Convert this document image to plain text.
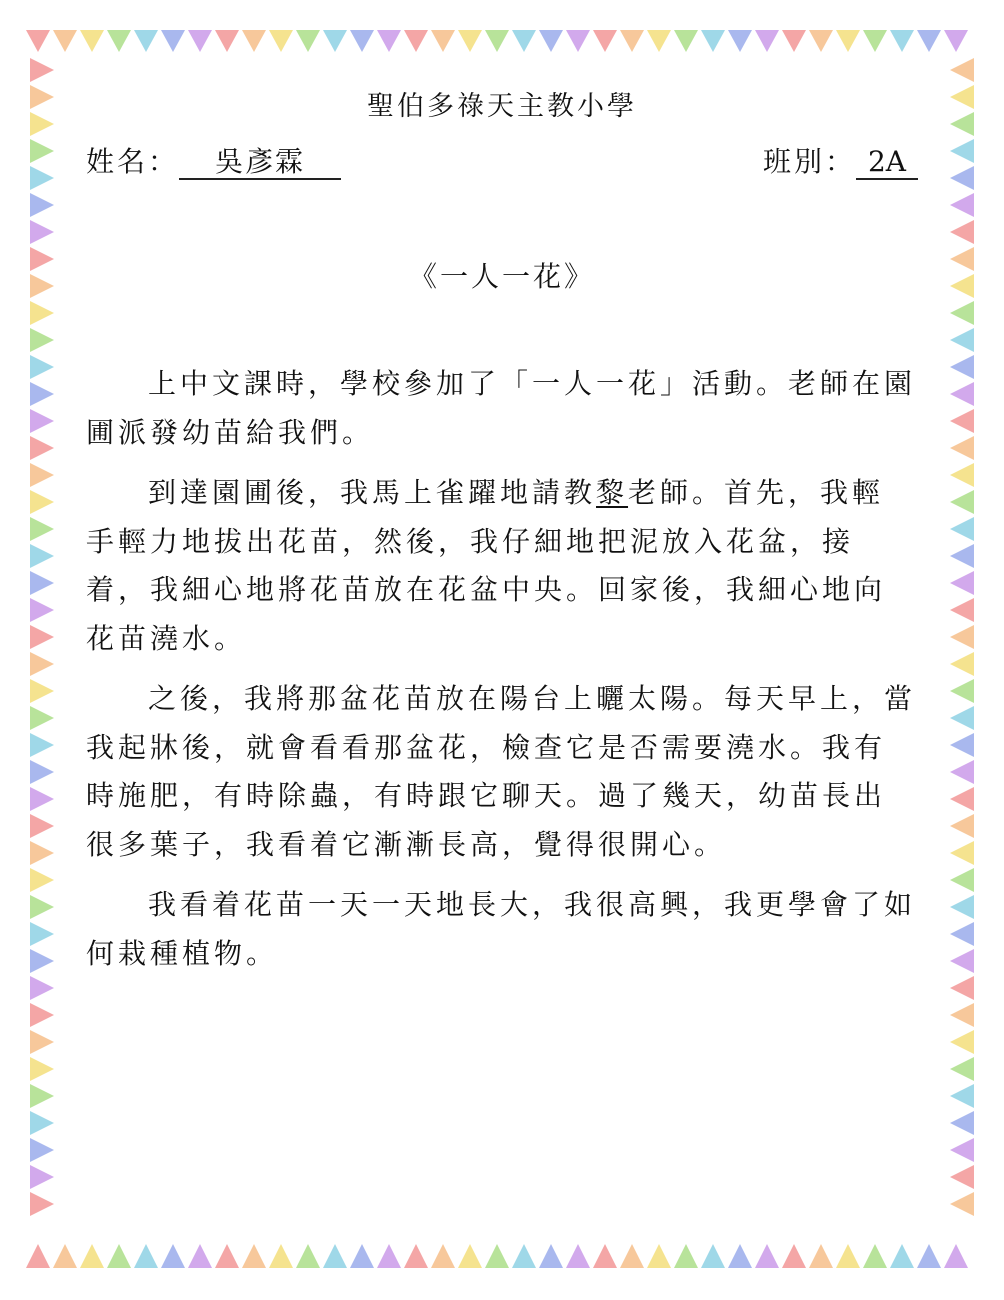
聖伯多祿天主教小學
姓名： 吳彥霖	班別： 2A
《一人一花》

上中文課時，學校參加了「一人一花」活動。老師在園圃派發幼苗給我們。

到達園圃後，我馬上雀躍地請教黎老師。首先，我輕手輕力地拔出花苗，然後，我仔細地把泥放入花盆，接着，我細心地將花苗放在花盆中央。回家後，我細心地向花苗澆水。

之後，我將那盆花苗放在陽台上曬太陽。每天早上，當我起牀後，就會看看那盆花，檢查它是否需要澆水。我有時施肥，有時除蟲，有時跟它聊天。過了幾天，幼苗長出很多葉子，我看着它漸漸長高，覺得很開心。

我看着花苗一天一天地長大，我很高興，我更學會了如何栽種植物。
